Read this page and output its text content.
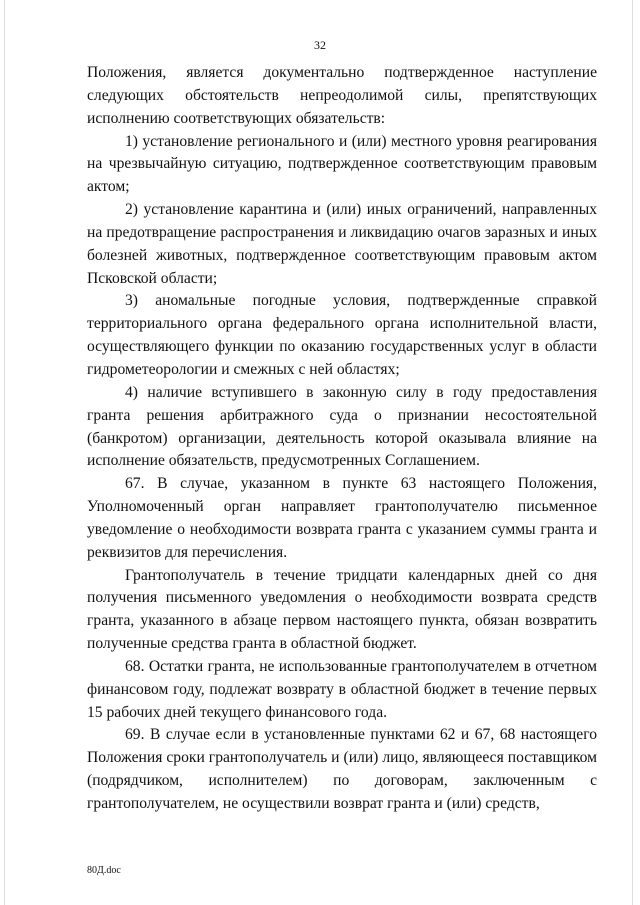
32

Положения, является документально подтвержденное наступление следующих обстоятельств непреодолимой силы, препятствующих исполнению соответствующих обязательств:

1) установление регионального и (или) местного уровня реагирования на чрезвычайную ситуацию, подтвержденное соответствующим правовым актом;

2) установление карантина и (или) иных ограничений, направленных на предотвращение распространения и ликвидацию очагов заразных и иных болезней животных, подтвержденное соответствующим правовым актом Псковской области;

3) аномальные погодные условия, подтвержденные справкой территориального органа федерального органа исполнительной власти, осуществляющего функции по оказанию государственных услуг в области гидрометеорологии и смежных с ней областях;

4) наличие вступившего в законную силу в году предоставления гранта решения арбитражного суда о признании несостоятельной (банкротом) организации, деятельность которой оказывала влияние на исполнение обязательств, предусмотренных Соглашением.

67. В случае, указанном в пункте 63 настоящего Положения, Уполномоченный орган направляет грантополучателю письменное уведомление о необходимости возврата гранта с указанием суммы гранта и реквизитов для перечисления.

Грантополучатель в течение тридцати календарных дней со дня получения письменного уведомления о необходимости возврата средств гранта, указанного в абзаце первом настоящего пункта, обязан возвратить полученные средства гранта в областной бюджет.

68. Остатки гранта, не использованные грантополучателем в отчетном финансовом году, подлежат возврату в областной бюджет в течение первых 15 рабочих дней текущего финансового года.

69. В случае если в установленные пунктами 62 и 67, 68 настоящего Положения сроки грантополучатель и (или) лицо, являющееся поставщиком (подрядчиком, исполнителем) по договорам, заключенным с грантополучателем, не осуществили возврат гранта и (или) средств,

80Д.doc
